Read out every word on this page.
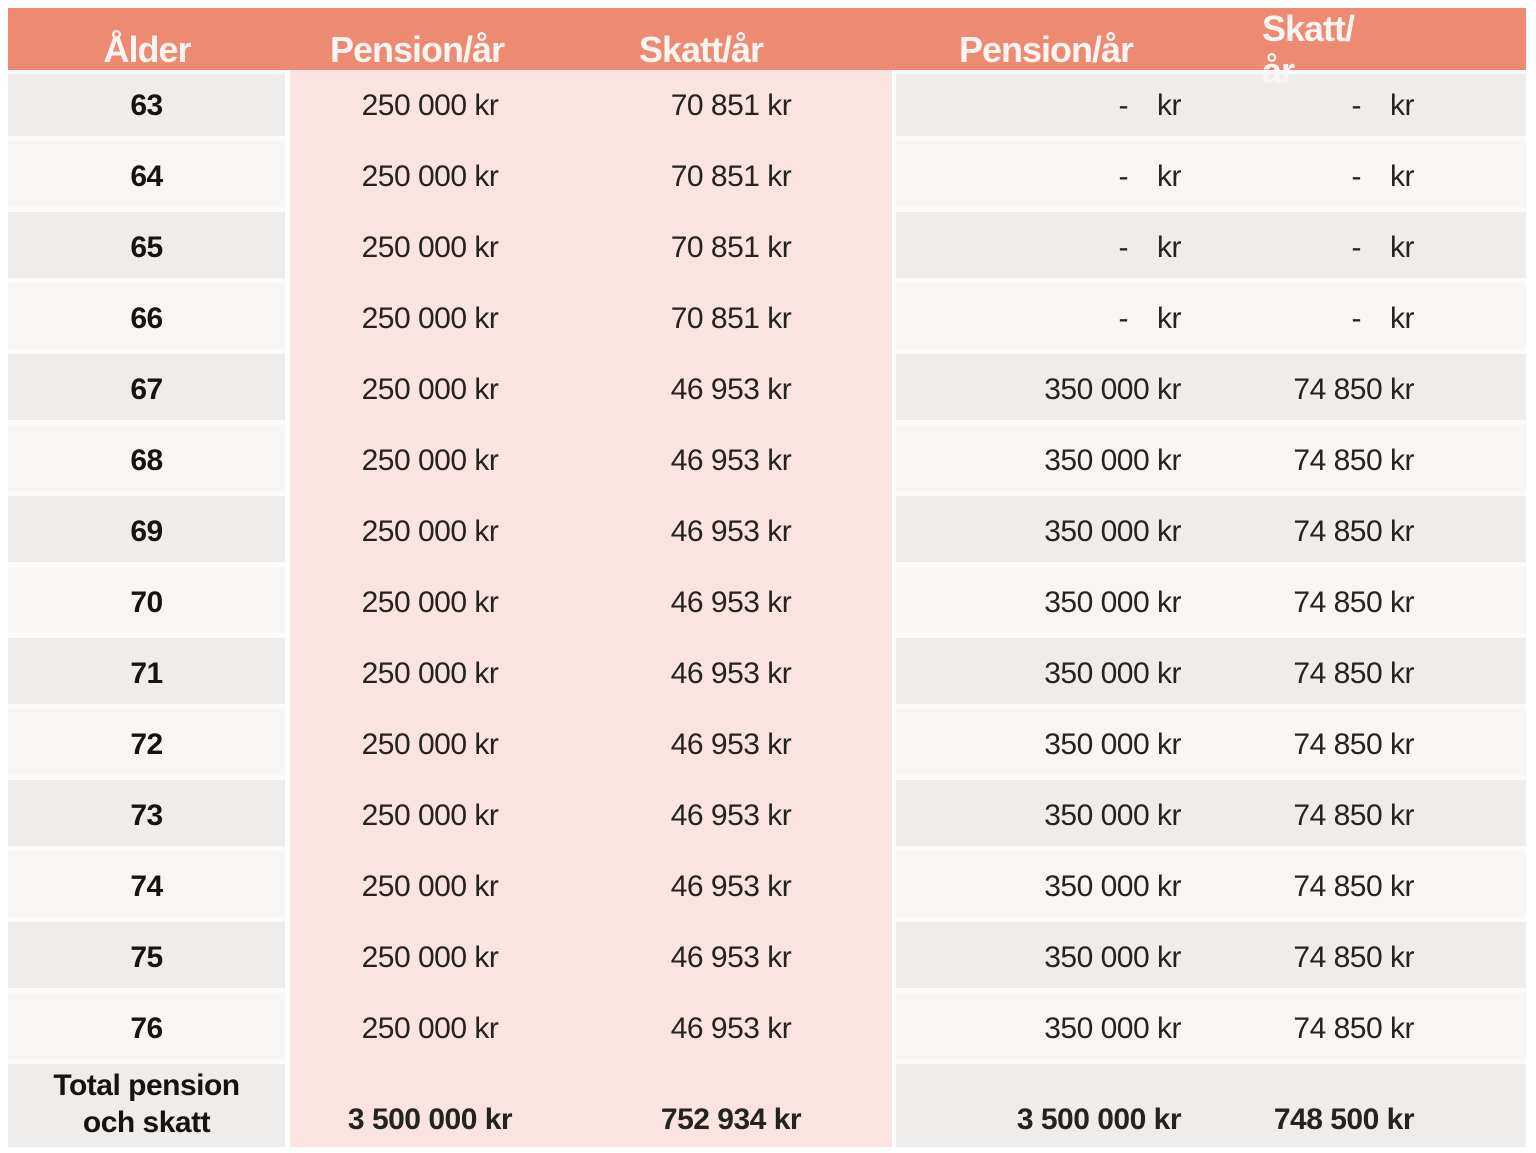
Ålder	Pension/år	Skatt/år	Pension/år
Skatt/år
63	250 000 kr	70 851 kr	-  kr	-  kr
64	250 000 kr	70 851 kr	-  kr	-  kr
65	250 000 kr	70 851 kr	-  kr	-  kr
66	250 000 kr	70 851 kr	-  kr	-  kr
67	250 000 kr	46 953 kr	350 000 kr	74 850 kr
68	250 000 kr	46 953 kr	350 000 kr	74 850 kr
69	250 000 kr	46 953 kr	350 000 kr	74 850 kr
70	250 000 kr	46 953 kr	350 000 kr	74 850 kr
71	250 000 kr	46 953 kr	350 000 kr	74 850 kr
72	250 000 kr	46 953 kr	350 000 kr	74 850 kr
73	250 000 kr	46 953 kr	350 000 kr	74 850 kr
74	250 000 kr	46 953 kr	350 000 kr	74 850 kr
75	250 000 kr	46 953 kr	350 000 kr	74 850 kr
76	250 000 kr	46 953 kr	350 000 kr	74 850 kr
Total pension
och skatt	3 500 000 kr	752 934 kr	3 500 000 kr	748 500 kr
